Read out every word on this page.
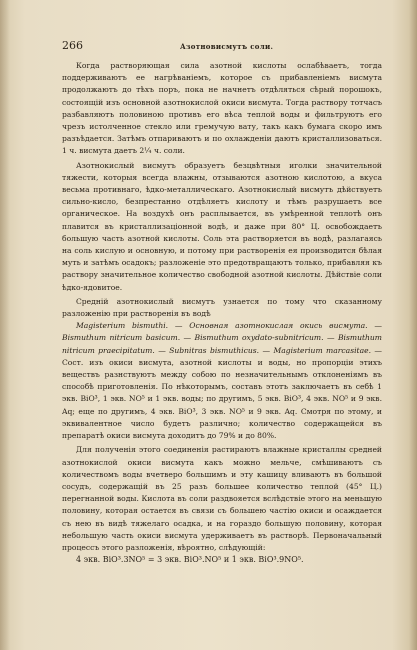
266	Азотновисмутъ соли.

Когда растворяющая сила азотной кислоты ослабѣваетъ, тогда поддерживаютъ ее нагрѣваніемъ, которое съ прибавленіемъ висмута продолжаютъ до тѣхъ поръ, пока не начнетъ отдѣляться сѣрый порошокъ, состоящій изъ основной азотнокислой окиси висмута. Тогда раствору тотчасъ разбавляютъ половиною противъ его вѣса теплой воды и фильтруютъ его чрезъ истолченное стекло или гремучую вату, такъ какъ бумага скоро имъ разъѣдается. Затѣмъ отпариваютъ и по охлажденіи даютъ кристаллизоваться. 1 ч. висмута даетъ 2¼ ч. соли.

Азотнокислый висмутъ образуетъ безцвѣтныя иголки значительной тяжести, которыя всегда влажны, отзываются азотною кислотою, а вкуса весьма противнаго, ѣдко-металлическаго. Азотнокислый висмутъ дѣйствуетъ сильно-кисло, безпрестанно отдѣляетъ кислоту и тѣмъ разрушаетъ все органическое. На воздухѣ онъ расплывается, въ умѣренной теплотѣ онъ плавится въ кристаллизаціонной водѣ, и даже при 80° Ц. освобождаетъ большую часть азотной кислоты. Соль эта растворяется въ водѣ, разлагаясь на соль кислую и основную, и потому при растворенія ея производится бѣлая муть и затѣмъ осадокъ; разложеніе это предотвращаютъ только, прибавляя къ раствору значительное количество свободной азотной кислоты. Дѣйствіе соли ѣдко-ядовитое.

Средній азотнокислый висмутъ узнается по тому что сказанному разложенію при растворенія въ водѣ

Magisterium bismuthi. — Основная азотнокислая окись висмута. — Bismuthum nitricum basicum. — Bismuthum oxydato-subnitricum. — Bismuthum nitricum praecipitatum. — Subnitras bismuthicus. — Magisterium marcasitae. — Сост. изъ окиси висмута, азотной кислоты и воды, но пропорціи этихъ веществъ разнствуютъ между собою по незначительнымъ отклоненіямъ въ способѣ приготовленія. По нѣкоторымъ, составъ этотъ заключаетъ въ себѣ 1 экв. BiO³, 1 экв. NO⁵ и 1 экв. воды; по другимъ, 5 экв. BiO³, 4 экв. NO⁵ и 9 экв. Aq; еще по другимъ, 4 экв. BiO³, 3 экв. NO⁵ и 9 экв. Aq. Смотря по этому, и эквивалентное число будетъ различно; количество содержащейся въ препаратѣ окиси висмута доходитъ до 79% и до 80%.

Для полученія этого соединенія растираютъ влажные кристаллы средней азотнокислой окиси висмута какъ можно мельче, смѣшиваютъ съ количествомъ воды вчетверо большимъ и эту кашицу вливаютъ въ большой сосудъ, содержащій въ 25 разъ большее количество теплой (45° Ц.) перегнанной воды. Кислота въ соли раздвояется вслѣдствіе этого на меньшую половину, которая остается въ связи съ большею частію окиси и осаждается съ нею въ видѣ тяжелаго осадка, и на гораздо большую половину, которая небольшую часть окиси висмута удерживаетъ въ растворѣ. Первоначальный процессъ этого разложенія, вѣроятно, слѣдующій:

4 экв. BiO³.3NO⁵ = 3 экв. BiO³.NO⁵ и 1 экв. BiO³.9NO⁵.
